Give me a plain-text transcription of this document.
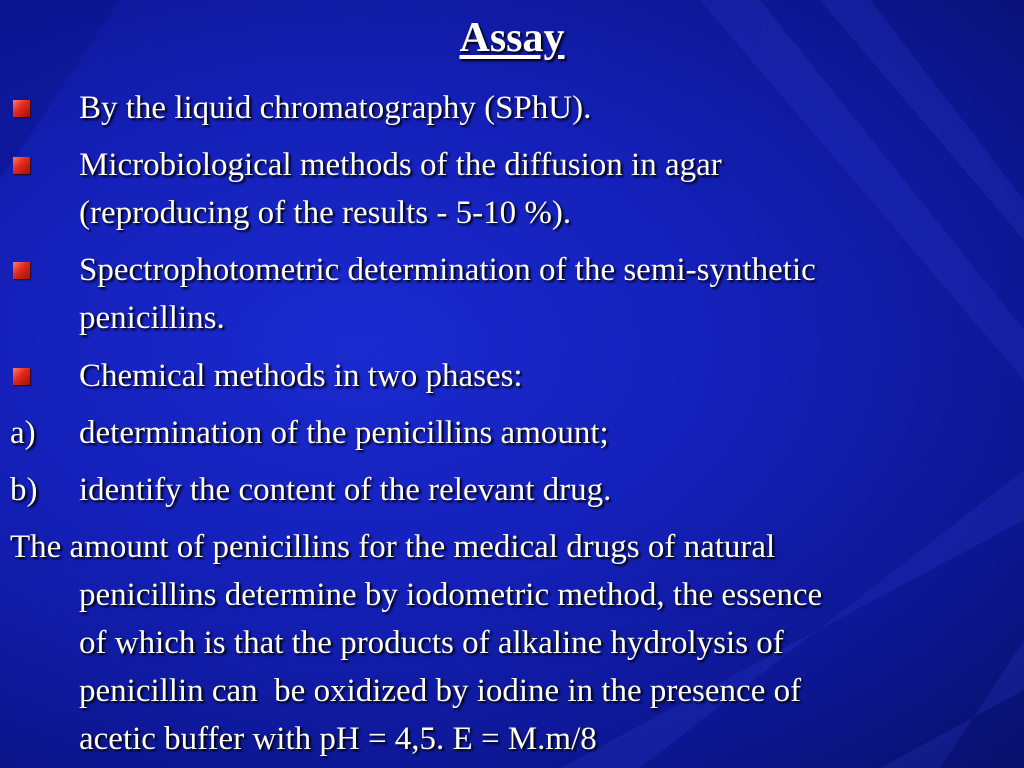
Assay
By the liquid chromatography (SPhU).
Microbiological methods of the diffusion in agar
(reproducing of the results - 5-10 %).
Spectrophotometric determination of the semi-synthetic
penicillins.
Chemical methods in two phases:
a) determination of the penicillins amount;
b) identify the content of the relevant drug.
The amount of penicillins for the medical drugs of natural
penicillins determine by iodometric method, the essence
of which is that the products of alkaline hydrolysis of
penicillin can  be oxidized by iodine in the presence of
acetic buffer with pH = 4,5. E = M.m/8
